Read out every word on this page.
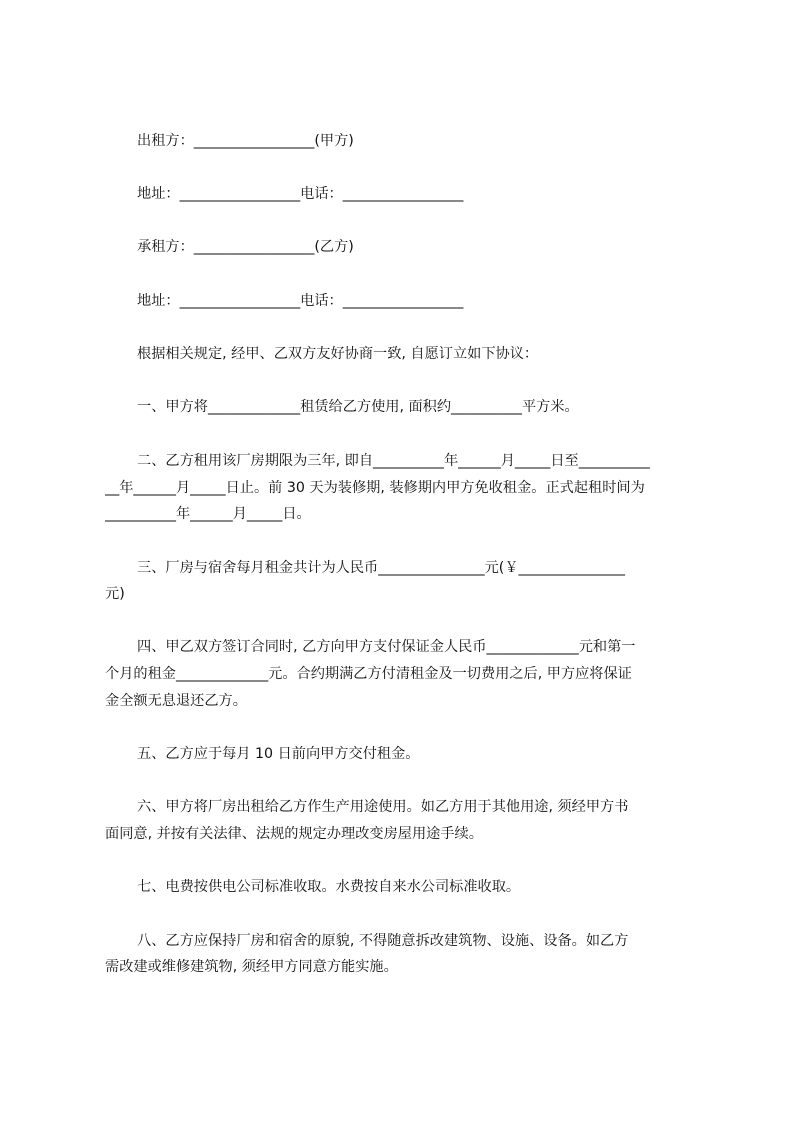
出租方：_________________(甲方)
地址：_________________电话：_________________
承租方：_________________(乙方)
地址：_________________电话：_________________
根据相关规定, 经甲、乙双方友好协商一致, 自愿订立如下协议：
一、甲方将_____________租赁给乙方使用, 面积约__________平方米。
二、乙方租用该厂房期限为三年, 即自__________年______月_____日至__________
__年______月_____日止。前 30 天为装修期, 装修期内甲方免收租金。正式起租时间为
__________年______月_____日。
三、厂房与宿舍每月租金共计为人民币_______________元(￥_______________
元)
四、甲乙双方签订合同时, 乙方向甲方支付保证金人民币_____________元和第一
个月的租金_____________元。合约期满乙方付清租金及一切费用之后, 甲方应将保证
金全额无息退还乙方。
五、乙方应于每月 10 日前向甲方交付租金。
六、甲方将厂房出租给乙方作生产用途使用。如乙方用于其他用途, 须经甲方书
面同意, 并按有关法律、法规的规定办理改变房屋用途手续。
七、电费按供电公司标准收取。水费按自来水公司标准收取。
八、乙方应保持厂房和宿舍的原貌, 不得随意拆改建筑物、设施、设备。如乙方
需改建或维修建筑物, 须经甲方同意方能实施。
